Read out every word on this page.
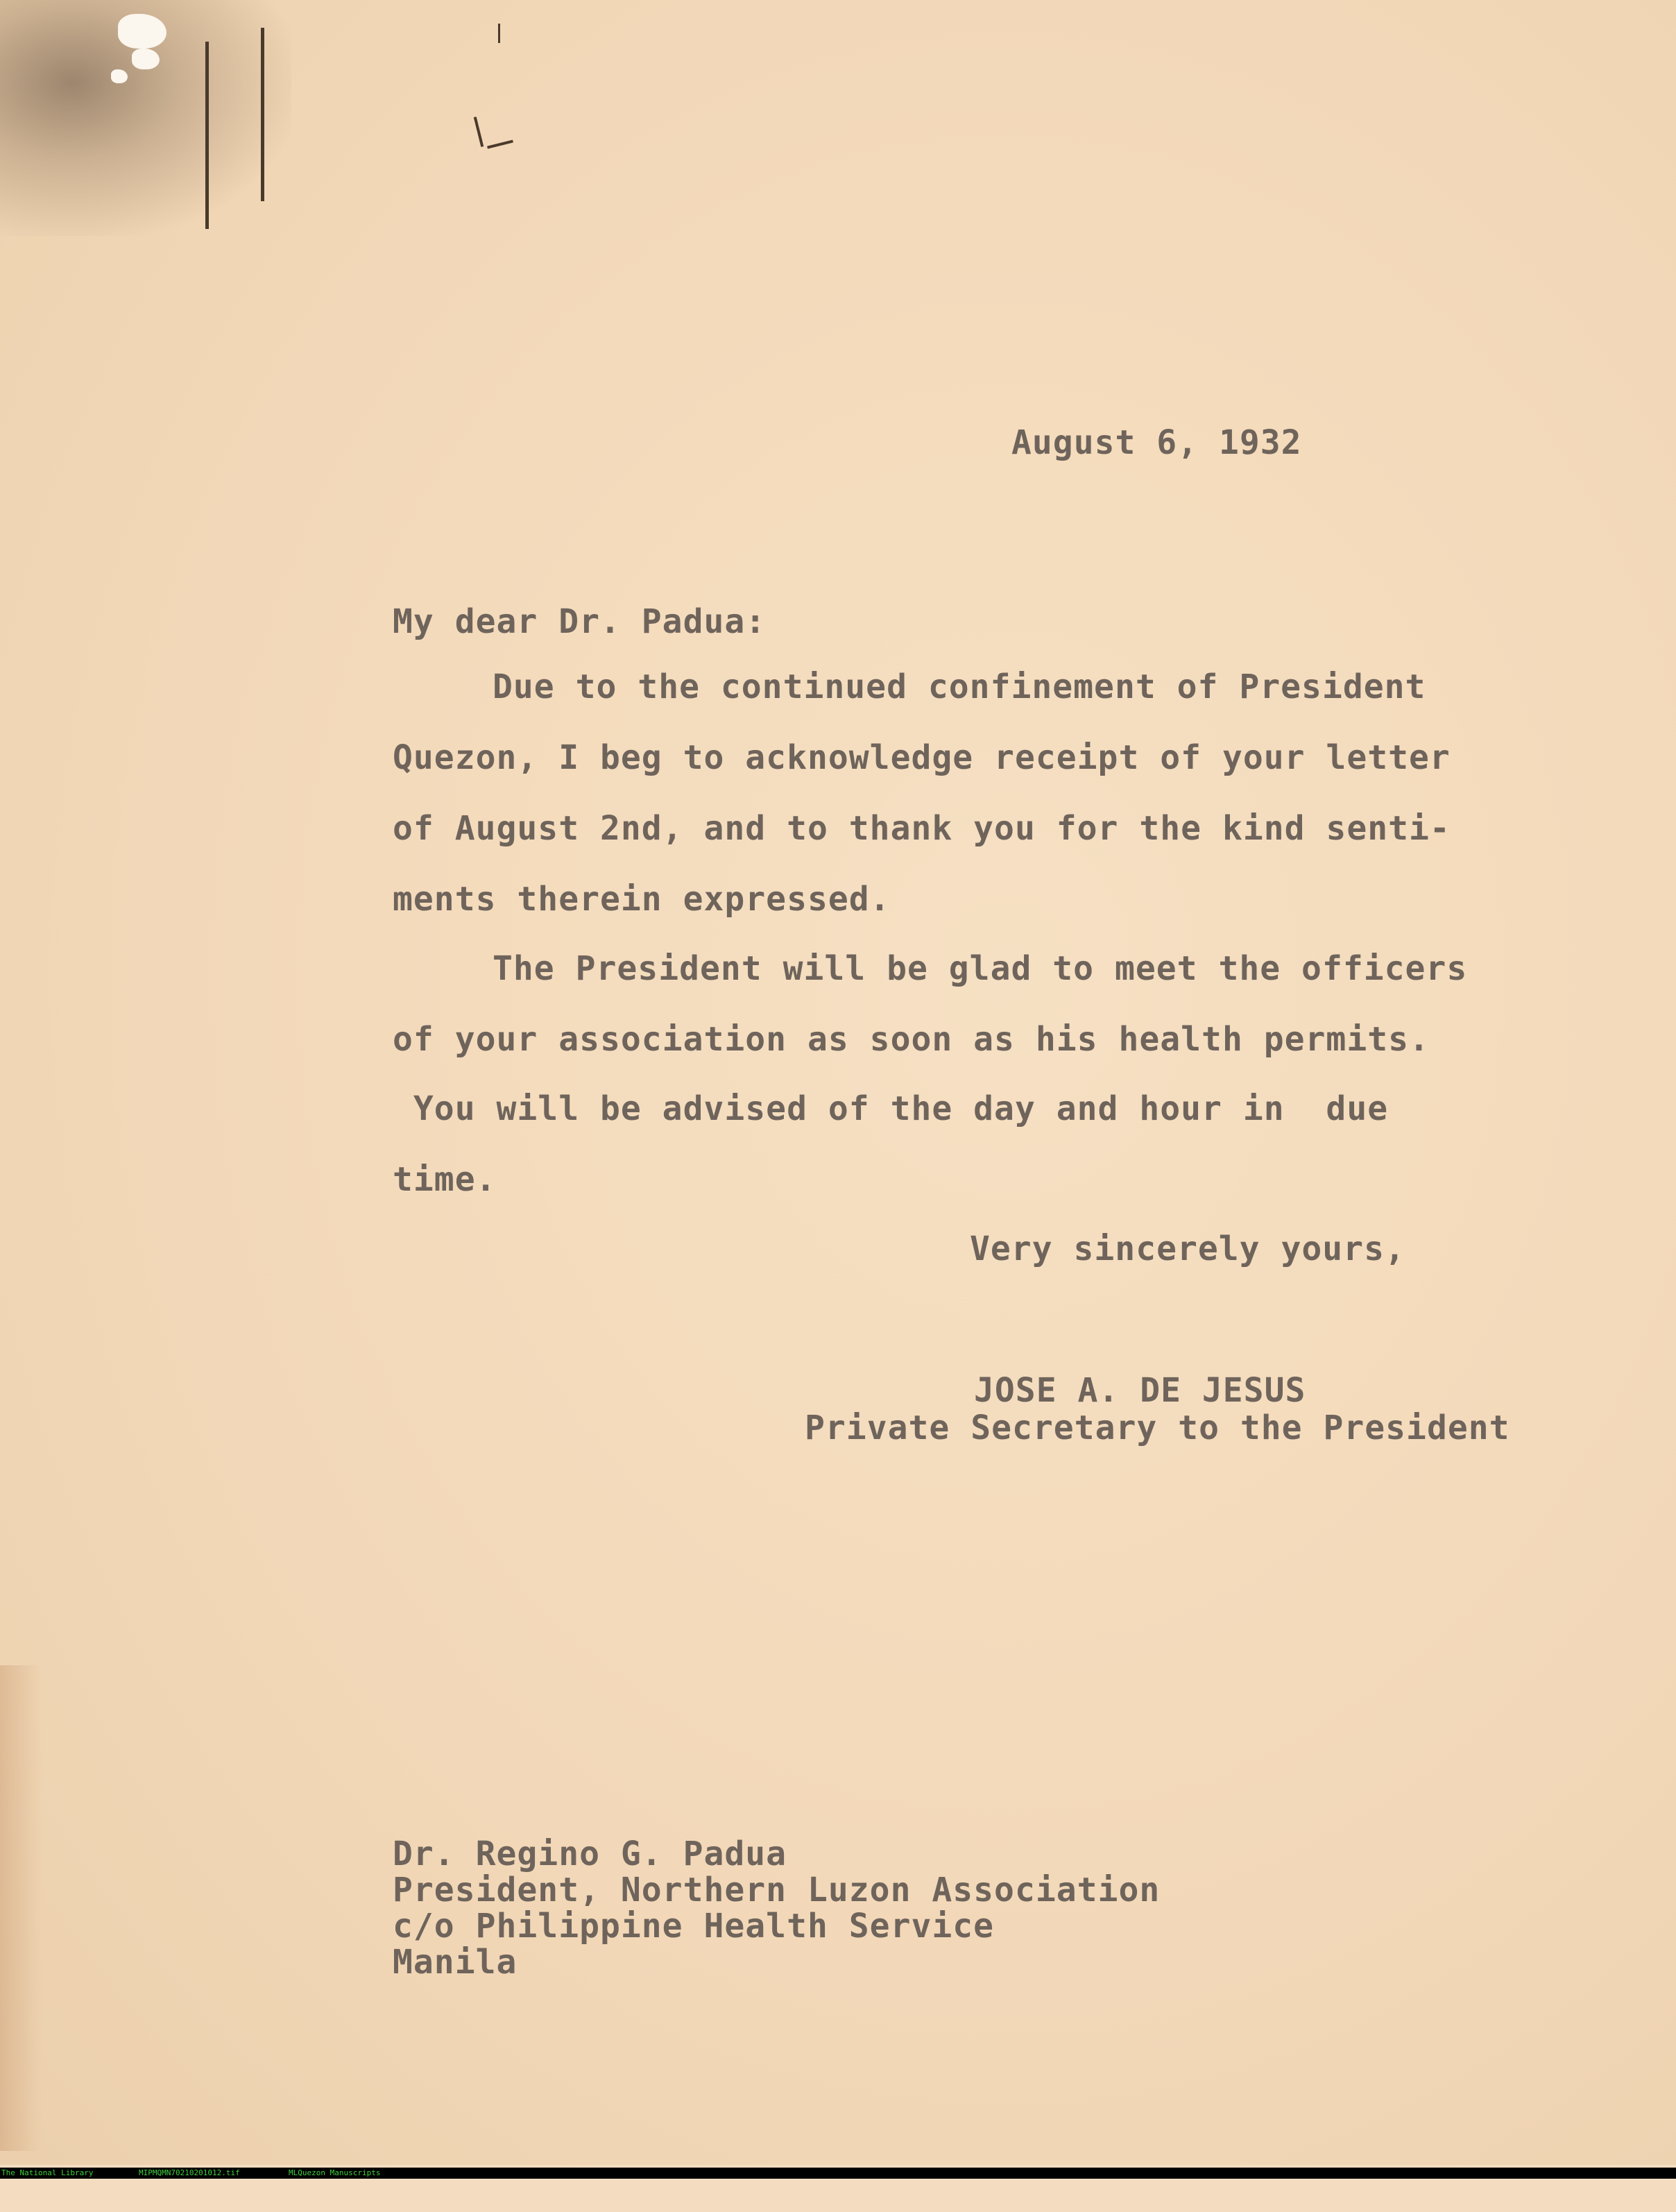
August 6, 1932

My dear Dr. Padua:

Due to the continued confinement of President

Quezon, I beg to acknowledge receipt of your letter

of August 2nd, and to thank you for the kind senti-

ments therein expressed.

The President will be glad to meet the officers

of your association as soon as his health permits.

You will be advised of the day and hour in  due

time.

Very sincerely yours,

JOSE A. DE JESUS

Private Secretary to the President

Dr. Regino G. Padua

President, Northern Luzon Association

c/o Philippine Health Service

Manila

The National Library

	MIPMQMN70210201012.tif

	MLQuezon Manuscripts
